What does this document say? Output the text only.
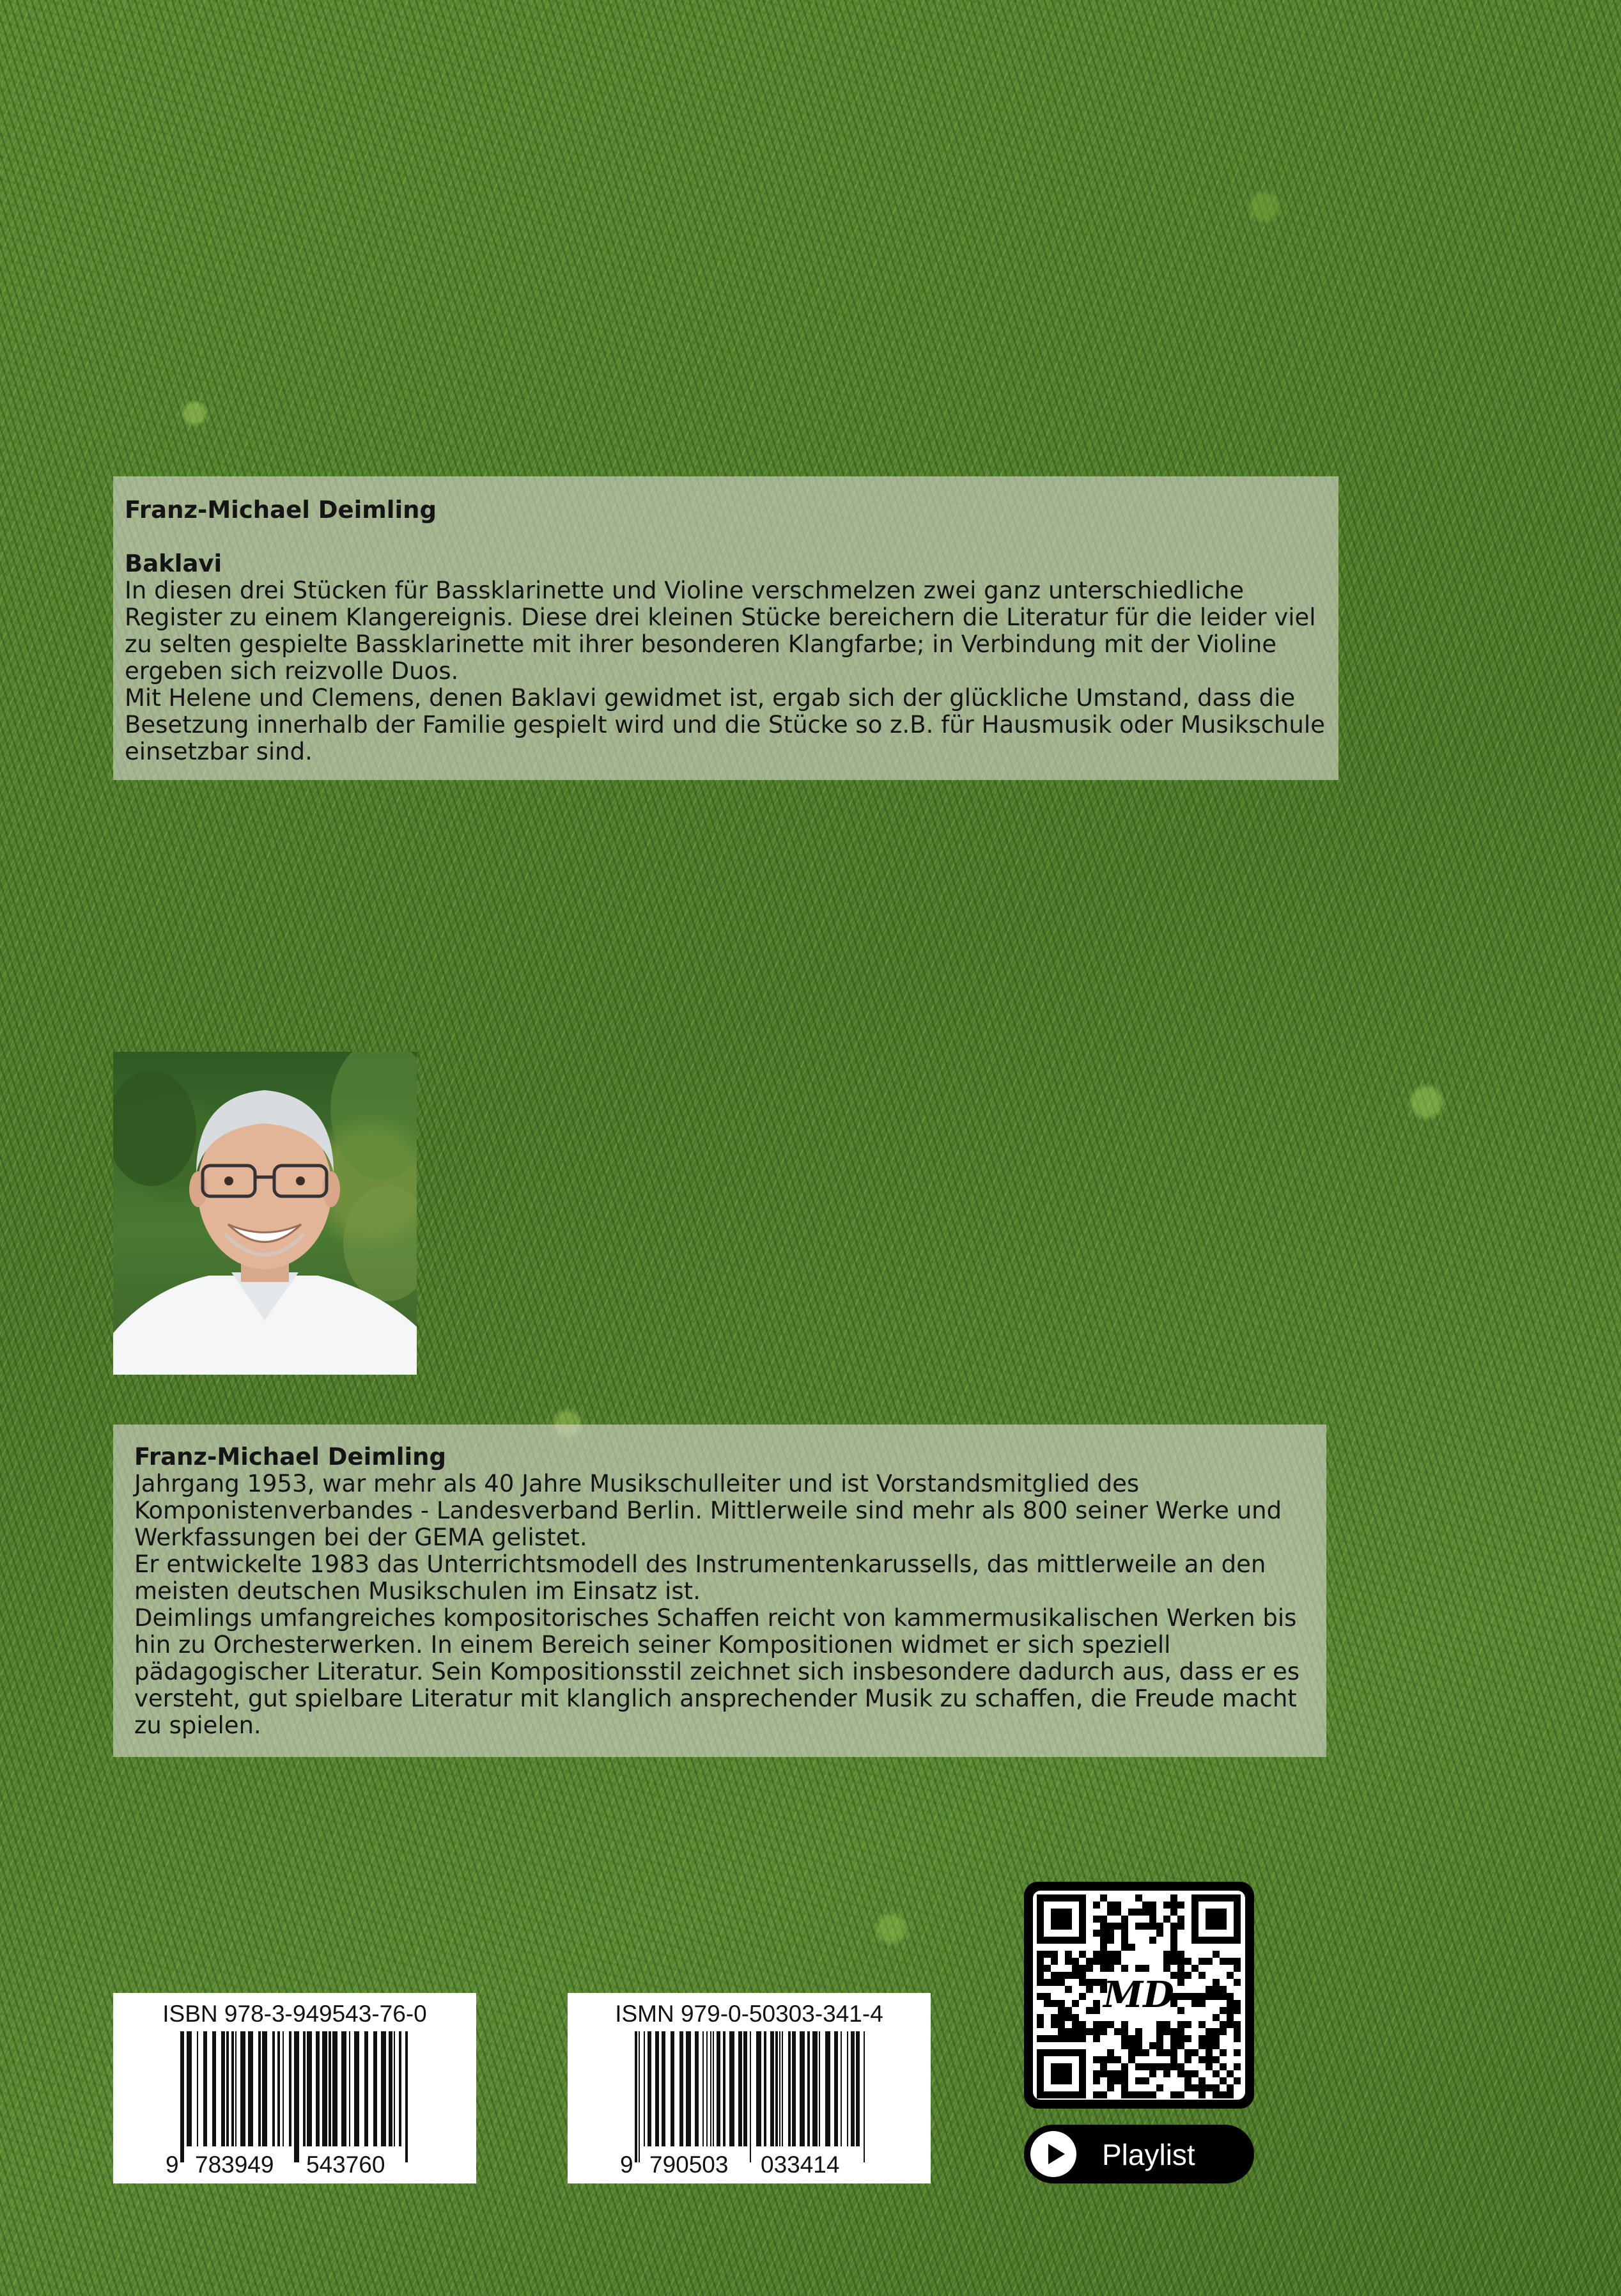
Franz-Michael Deimling

Baklavi

In diesen drei Stücken für Bassklarinette und Violine verschmelzen zwei ganz unterschiedliche Register zu einem Klangereignis. Diese drei kleinen Stücke bereichern die Literatur für die leider viel zu selten gespielte Bassklarinette mit ihrer besonderen Klangfarbe; in Verbindung mit der Violine ergeben sich reizvolle Duos.

Mit Helene und Clemens, denen Baklavi gewidmet ist, ergab sich der glückliche Umstand, dass die Besetzung innerhalb der Familie gespielt wird und die Stücke so z.B. für Hausmusik oder Musikschule einsetzbar sind.

Franz-Michael Deimling

Jahrgang 1953, war mehr als 40 Jahre Musikschulleiter und ist Vorstandsmitglied des Komponistenverbandes - Landesverband Berlin. Mittlerweile sind mehr als 800 seiner Werke und Werkfassungen bei der GEMA gelistet.

Er entwickelte 1983 das Unterrichtsmodell des Instrumentenkarussells, das mittlerweile an den meisten deutschen Musikschulen im Einsatz ist.

Deimlings umfangreiches kompositorisches Schaffen reicht von kammermusikalischen Werken bis hin zu Orchesterwerken. In einem Bereich seiner Kompositionen widmet er sich speziell pädagogischer Literatur. Sein Kompositionsstil zeichnet sich insbesondere dadurch aus, dass er es versteht, gut spielbare Literatur mit klanglich ansprechender Musik zu schaffen, die Freude macht zu spielen.

ISBN 978-3-949543-76-0
9 783949 543760
ISMN 979-0-50303-341-4
9 790503 033414
MD
Playlist
